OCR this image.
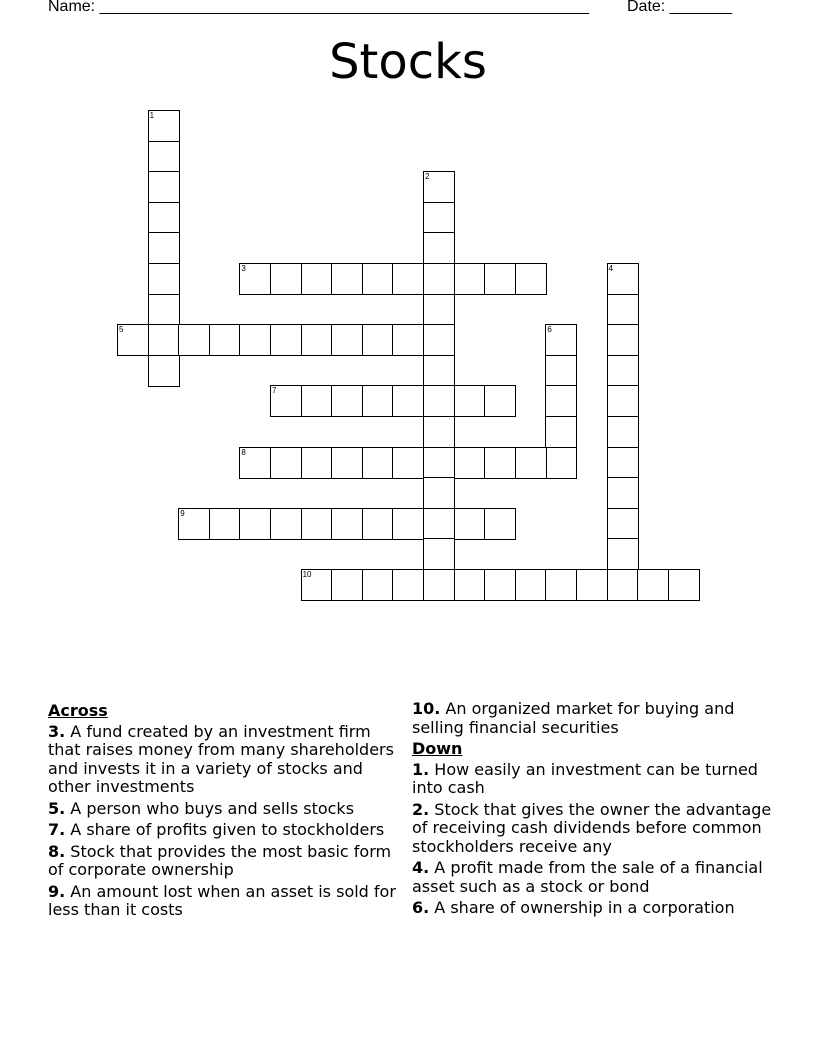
Name: _______________________________________________________ Date: _______
Stocks
1
2
3	4
5	6
7
8
9
10
Across
3. A fund created by an investment firm that raises money from many shareholders and invests it in a variety of stocks and other investments
5. A person who buys and sells stocks
7. A share of profits given to stockholders
8. Stock that provides the most basic form of corporate ownership
9. An amount lost when an asset is sold for less than it costs
10. An organized market for buying and selling financial securities
Down
1. How easily an investment can be turned into cash
2. Stock that gives the owner the advantage of receiving cash dividends before common stockholders receive any
4. A profit made from the sale of a financial asset such as a stock or bond
6. A share of ownership in a corporation
